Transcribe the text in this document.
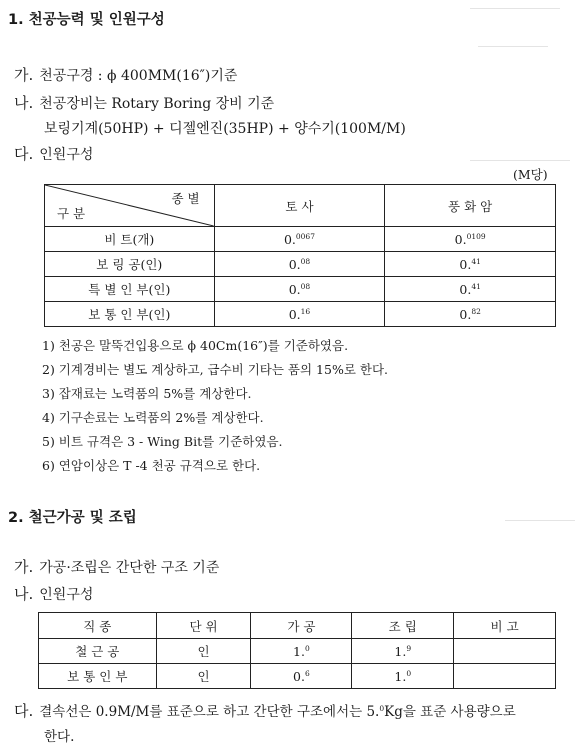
1. 천공능력 및 인원구성
가. 천공구경 : ϕ 400MM(16″)기준
나. 천공장비는 Rotary Boring 장비 기준
보링기계(50HP) + 디젤엔진(35HP) + 양수기(100M/M)
다. 인원구성
(M당)
종 별
구 분	토 사	풍 화 암
비 트(개)	0.$^{0067}$	0.$^{0109}$
보 링 공(인)	0.08	0.41
특 별 인 부(인)	0.08	0.41
보 통 인 부(인)	0.16	0.82
1) 천공은 말뚝건입용으로 ϕ 40Cm(16″)를 기준하였음.
2) 기계경비는 별도 계상하고, 급수비 기타는 품의 15%로 한다.
3) 잡재료는 노력품의 5%를 계상한다.
4) 기구손료는 노력품의 2%를 계상한다.
5) 비트 규격은 3 - Wing Bit를 기준하였음.
6) 연암이상은 T -4 천공 규격으로 한다.
2. 철근가공 및 조립
가. 가공·조립은 간단한 구조 기준
나. 인원구성
직 종	단 위	가 공	조 립	비 고
철 근 공	인	1.$^0$	1.$^9$	
보 통 인 부	인	0.$^6$	1.$^0$	
다. 결속선은 0.9M/M를 표준으로 하고 간단한 구조에서는 5.$^0$Kg을 표준 사용량으로
한다.
